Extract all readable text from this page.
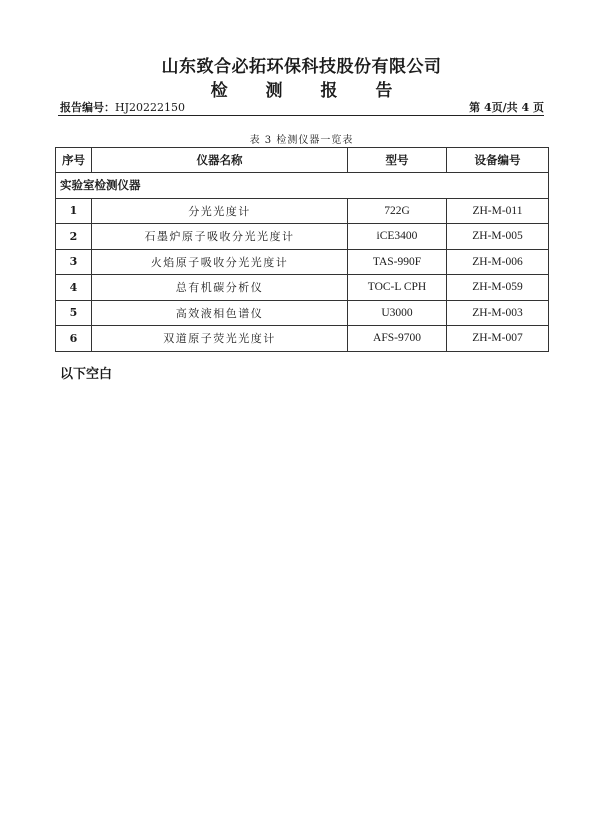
山东致合必拓环保科技股份有限公司
检 测 报 告
报告编号：HJ20222150	第 4页/共 4 页
表 3 检测仪器一览表
序号	仪器名称	型号	设备编号
实验室检测仪器			
1	分光光度计	722G	ZH-M-011
2	石墨炉原子吸收分光光度计	iCE3400	ZH-M-005
3	火焰原子吸收分光光度计	TAS-990F	ZH-M-006
4	总有机碳分析仪	TOC-L CPH	ZH-M-059
5	高效液相色谱仪	U3000	ZH-M-003
6	双道原子荧光光度计	AFS-9700	ZH-M-007
以下空白
